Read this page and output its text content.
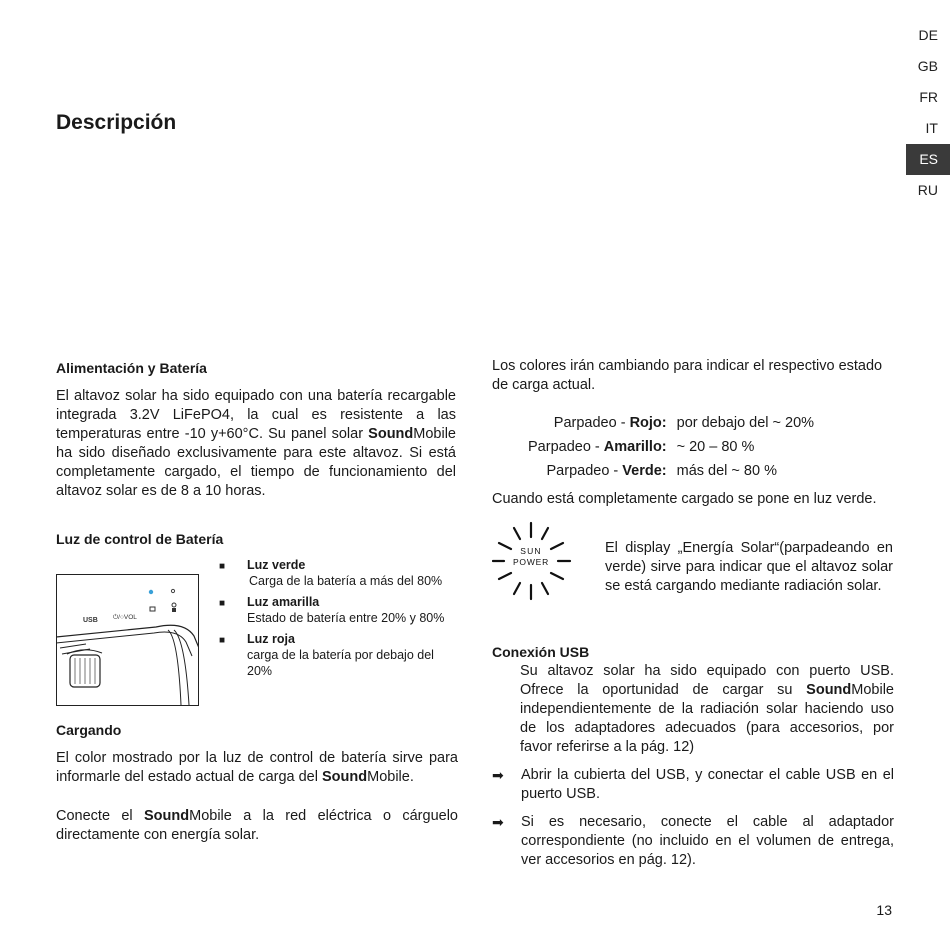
DE
GB
FR
IT
ES
RU
Descripción
Alimentación y Batería

El altavoz solar ha sido equipado con una batería recargable integrada 3.2V LiFePO4, la cual es resistente a las temperaturas entre -10 y+60°C. Su panel solar SoundMobile ha sido diseñado exclusivamente para este altavoz. Si está completamente cargado, el tiempo de funcionamiento del altavoz solar es de 8 a 10 horas.

Luz de control de Batería
USB ⏻/○VOL
■ Luz verde
Carga de la batería a más del 80%
■ Luz amarilla
Estado de batería entre 20% y 80%
■ Luz roja
carga de la batería por debajo del 20%
Cargando

El color mostrado por la luz de control de batería sirve para informarle del estado actual de carga del SoundMobile.

Conecte el SoundMobile a la red eléctrica o cárguelo directamente con energía solar.

Los colores irán cambiando para indicar el respectivo estado de carga actual.

Parpadeo - Rojo:	por debajo del ~ 20%
Parpadeo - Amarillo:	~ 20 – 80 %
Parpadeo - Verde:	más del ~ 80 %

Cuando está completamente cargado se pone en luz verde.

SUN
POWER

El display „Energía Solar“(parpadeando en verde) sirve para indicar que el altavoz solar se está cargando mediante radiación solar.

Conexión USB

Su altavoz solar ha sido equipado con puerto USB. Ofrece la oportunidad de cargar su SoundMobile independientemente de la radiación solar haciendo uso de los adaptadores adecuados (para accesorios, por favor referirse a la pág. 12)

➡ Abrir la cubierta del USB, y conectar el cable USB en el puerto USB.
➡ Si es necesario, conecte el cable al adaptador correspondiente (no incluido en el volumen de entrega, ver accesorios en pág. 12).
13
